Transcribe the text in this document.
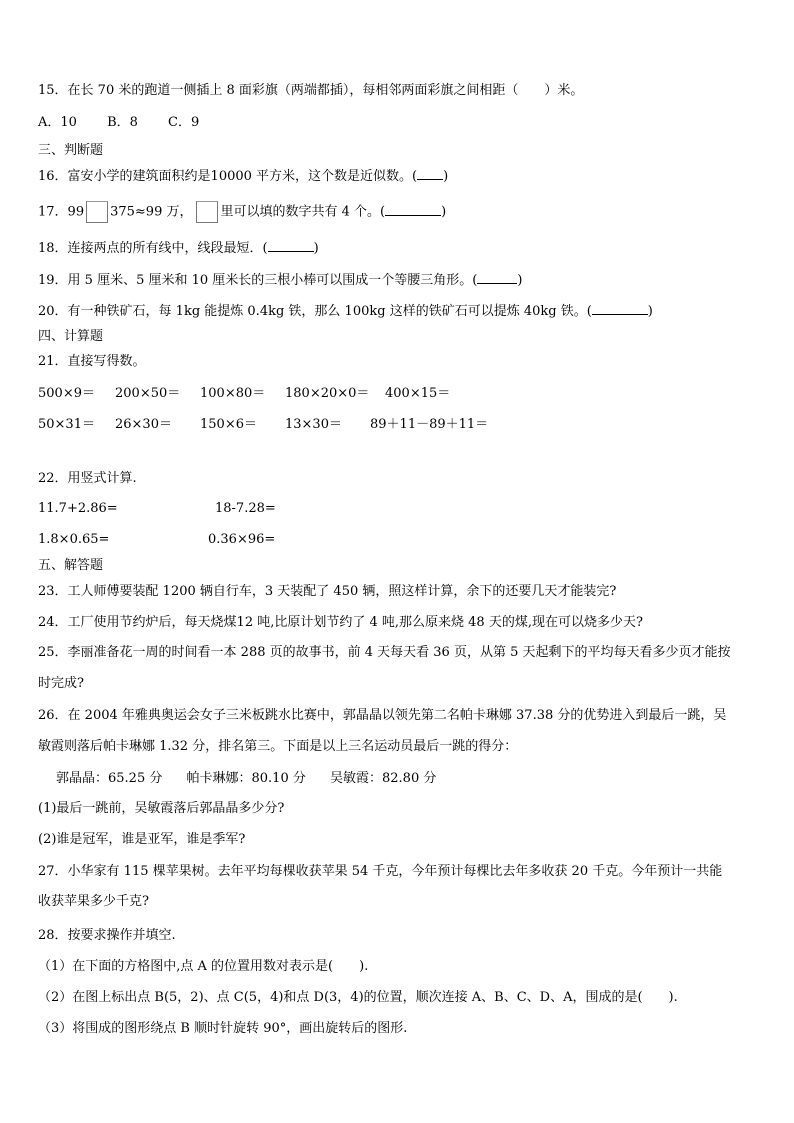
15．在长 70 米的跑道一侧插上 8 面彩旗（两端都插），每相邻两面彩旗之间相距（　　）米。
A．10 B．8 C．9
三、判断题
16．富安小学的建筑面积约是10000 平方米，这个数是近似数。( )
17．99 375≈99 万， 里可以填的数字共有 4 个。(	)
18．连接两点的所有线中，线段最短．(	)
19．用 5 厘米、5 厘米和 10 厘米长的三根小棒可以围成一个等腰三角形。(	)
20．有一种铁矿石，每 1kg 能提炼 0.4kg 铁，那么 100kg 这样的铁矿石可以提炼 40kg 铁。(	)
四、计算题
21．直接写得数。
500×9＝ 200×50＝ 100×80＝ 180×20×0＝ 400×15＝
50×31＝ 26×30＝ 150×6＝ 13×30＝ 89＋11－89＋11＝
22．用竖式计算.
11.7+2.86=	18-7.28=
1.8×0.65=	0.36×96=
五、解答题
23．工人师傅要装配 1200 辆自行车，3 天装配了 450 辆，照这样计算，余下的还要几天才能装完?
24．工厂使用节约炉后，每天烧煤12 吨,比原计划节约了 4 吨,那么原来烧 48 天的煤,现在可以烧多少天?
25．李丽准备花一周的时间看一本 288 页的故事书，前 4 天每天看 36 页，从第 5 天起剩下的平均每天看多少页才能按
时完成?
26．在 2004 年雅典奥运会女子三米板跳水比赛中，郭晶晶以领先第二名帕卡琳娜 37.38 分的优势进入到最后一跳，吴
敏霞则落后帕卡琳娜 1.32 分，排名第三。下面是以上三名运动员最后一跳的得分：
郭晶晶：65.25 分 帕卡琳娜：80.10 分 吴敏霞：82.80 分
(1)最后一跳前，吴敏霞落后郭晶晶多少分?
(2)谁是冠军，谁是亚军，谁是季军?
27．小华家有 115 棵苹果树。去年平均每棵收获苹果 54 千克，今年预计每棵比去年多收获 20 千克。今年预计一共能
收获苹果多少千克?
28．按要求操作并填空.
（1）在下面的方格图中,点 A 的位置用数对表示是(　　).
（2）在图上标出点 B(5，2)、点 C(5，4)和点 D(3，4)的位置，顺次连接 A、B、C、D、A，围成的是(　　).
（3）将围成的图形绕点 B 顺时针旋转 90°，画出旋转后的图形.
